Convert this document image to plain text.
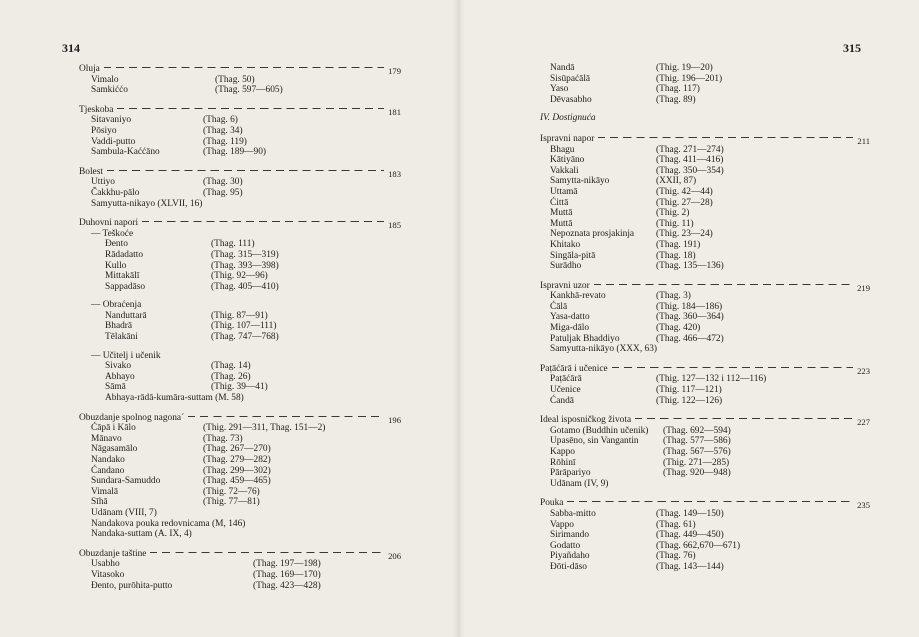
314
Oluja	179
Vimalo	(Thag. 50)
Samkiććo	(Thag. 597—605)
Tjeskoba	181
Sitavaniyo	(Thag. 6)
Pōsiyo	(Thag. 34)
Vaddi-putto	(Thag. 119)
Sambula-Kaććāno	(Thag. 189—90)
Bolest	183
Uttiyo	(Thag. 30)
Čakkhu-pālo	(Thag. 95)
Samyutta-nikayo (XLVII, 16)
Duhovni napori	185
— Teškoće
Đento	(Thag. 111)
Rādadatto	(Thag. 315—319)
Kullo	(Thag. 393—398)
Mittakālī	(Thig. 92—96)
Sappadāso	(Thag. 405—410)
— Obraćenja
Nanduttarā	(Thig. 87—91)
Bhadrā	(Thig. 107—111)
Tēlakāni	(Thag. 747—768)
— Učitelj i učenik
Sivako	(Thag. 14)
Abhayo	(Thag. 26)
Sāmā	(Thig. 39—41)
Abhaya-rādā-kumāra-suttam (M. 58)
Obuzdanje spolnog nagona ´	196
Ćāpā i Kālo	(Thig. 291—311, Thag. 151—2)
Mānavo	(Thag. 73)
Nāgasamālo	(Thag. 267—270)
Nandako	(Thag. 279—282)
Ćandano	(Thag. 299—302)
Sundara-Samuddo	(Thag. 459—465)
Vimalā	(Thig. 72—76)
Sīhā	(Thig. 77—81)
Udānam (VIII, 7)
Nandakova pouka redovnicama (M, 146)
Nandaka-suttam (A. IX, 4)
Obuzdanje taštine	206
Usabho	(Thag. 197—198)
Vitasoko	(Thag. 169—170)
Đento, purōhita-putto	(Thag. 423—428)
315
Nandā	(Thig. 19—20)
Sisūpaćālā	(Thig. 196—201)
Yaso	(Thag. 117)
Dēvasabho	(Thag. 89)
IV. Dostignuća
Ispravni napor	211
Bhagu	(Thag. 271—274)
Kātiyāno	(Thag. 411—416)
Vakkali	(Thag. 350—354)
Samytta-nikāyo	(XXII, 87)
Uttamā	(Thig. 42—44)
Ćittā	(Thig. 27—28)
Muttā	(Thig. 2)
Muttā	(Thig. 11)
Nepoznata prosjakinja	(Thig. 23—24)
Khitako	(Thag. 191)
Singāla-pitā	(Thag. 18)
Surādho	(Thag. 135—136)
Ispravni uzor	219
Kankhā-revato	(Thag. 3)
Ćālā	(Thig. 184—186)
Yasa-datto	(Thag. 360—364)
Miga-dālo	(Thag. 420)
Patuljak Bhaddiyo	(Thag. 466—472)
Samyutta-nikāyo (XXX, 63)
Paṭāćārā i učenice	223
Paṭāćārā	(Thig. 127—132 i 112—116)
Učenice	(Thig. 117—121)
Ćandā	(Thig. 122—126)
Ideal isposničkog života	227
Gotamo (Buddhin učenik)	(Thag. 692—594)
Upasēno, sin Vangantin	(Thag. 577—586)
Kappo	(Thag. 567—576)
Rōhinī	(Thig. 271—285)
Pārāpariyo	(Thag. 920—948)
Udānam (IV, 9)
Pouka	235
Sabba-mitto	(Thag. 149—150)
Vappo	(Thag. 61)
Sirimando	(Thag. 449—450)
Godatto	(Thag. 662,670—671)
Piyañdaho	(Thag. 76)
Đōti-dāso	(Thag. 143—144)
